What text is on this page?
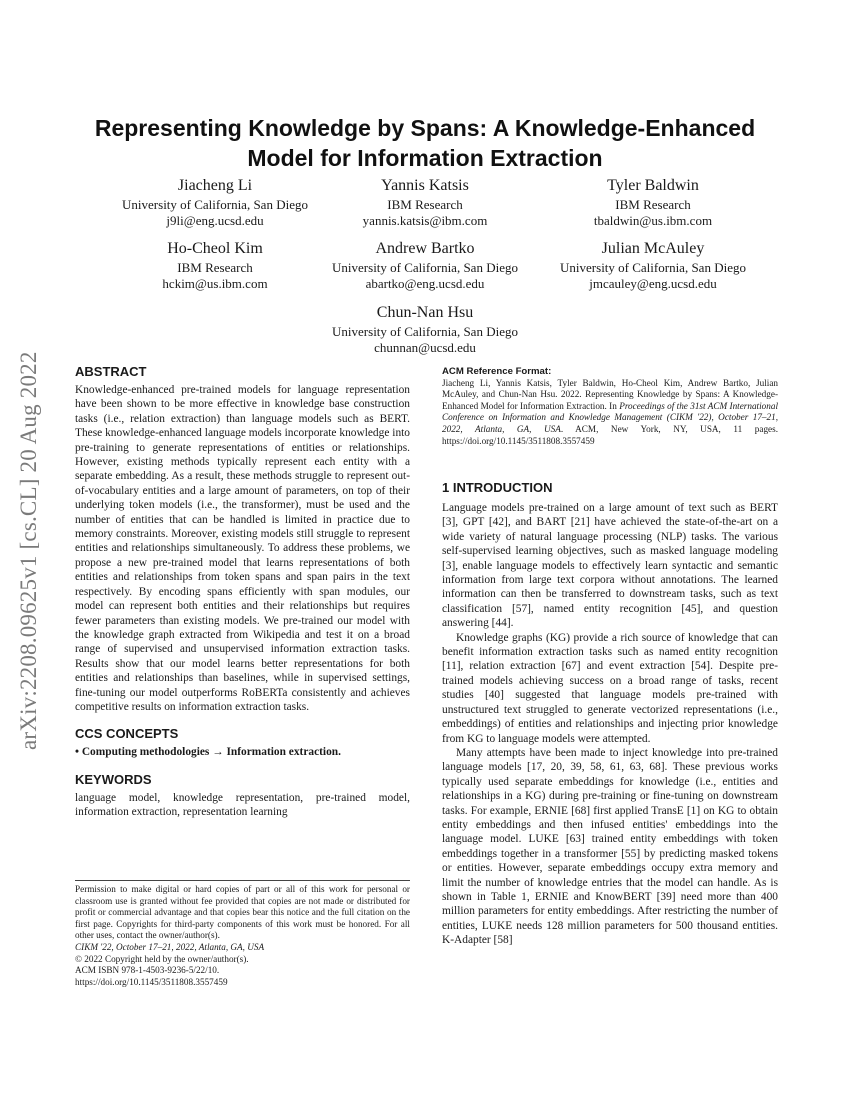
arXiv:2208.09625v1 [cs.CL] 20 Aug 2022
Representing Knowledge by Spans: A Knowledge-Enhanced Model for Information Extraction
Jiacheng Li
University of California, San Diego
j9li@eng.ucsd.edu
Yannis Katsis
IBM Research
yannis.katsis@ibm.com
Tyler Baldwin
IBM Research
tbaldwin@us.ibm.com
Ho-Cheol Kim
IBM Research
hckim@us.ibm.com
Andrew Bartko
University of California, San Diego
abartko@eng.ucsd.edu
Julian McAuley
University of California, San Diego
jmcauley@eng.ucsd.edu
Chun-Nan Hsu
University of California, San Diego
chunnan@ucsd.edu
ABSTRACT

Knowledge-enhanced pre-trained models for language representation have been shown to be more effective in knowledge base construction tasks (i.e., relation extraction) than language models such as BERT. These knowledge-enhanced language models incorporate knowledge into pre-training to generate representations of entities or relationships. However, existing methods typically represent each entity with a separate embedding. As a result, these methods struggle to represent out-of-vocabulary entities and a large amount of parameters, on top of their underlying token models (i.e., the transformer), must be used and the number of entities that can be handled is limited in practice due to memory constraints. Moreover, existing models still struggle to represent entities and relationships simultaneously. To address these problems, we propose a new pre-trained model that learns representations of both entities and relationships from token spans and span pairs in the text respectively. By encoding spans efficiently with span modules, our model can represent both entities and their relationships but requires fewer parameters than existing models. We pre-trained our model with the knowledge graph extracted from Wikipedia and test it on a broad range of supervised and unsupervised information extraction tasks. Results show that our model learns better representations for both entities and relationships than baselines, while in supervised settings, fine-tuning our model outperforms RoBERTa consistently and achieves competitive results on information extraction tasks.

CCS CONCEPTS

• Computing methodologies → Information extraction.

KEYWORDS

language model, knowledge representation, pre-trained model, information extraction, representation learning

Permission to make digital or hard copies of part or all of this work for personal or classroom use is granted without fee provided that copies are not made or distributed for profit or commercial advantage and that copies bear this notice and the full citation on the first page. Copyrights for third-party components of this work must be honored. For all other uses, contact the owner/author(s).

CIKM '22, October 17–21, 2022, Atlanta, GA, USA

© 2022 Copyright held by the owner/author(s).

ACM ISBN 978-1-4503-9236-5/22/10.

https://doi.org/10.1145/3511808.3557459

ACM Reference Format:

Jiacheng Li, Yannis Katsis, Tyler Baldwin, Ho-Cheol Kim, Andrew Bartko, Julian McAuley, and Chun-Nan Hsu. 2022. Representing Knowledge by Spans: A Knowledge-Enhanced Model for Information Extraction. In Proceedings of the 31st ACM International Conference on Information and Knowledge Management (CIKM '22), October 17–21, 2022, Atlanta, GA, USA. ACM, New York, NY, USA, 11 pages. https://doi.org/10.1145/3511808.3557459

1 INTRODUCTION

Language models pre-trained on a large amount of text such as BERT [3], GPT [42], and BART [21] have achieved the state-of-the-art on a wide variety of natural language processing (NLP) tasks. The various self-supervised learning objectives, such as masked language modeling [3], enable language models to effectively learn syntactic and semantic information from large text corpora without annotations. The learned information can then be transferred to downstream tasks, such as text classification [57], named entity recognition [45], and question answering [44].

Knowledge graphs (KG) provide a rich source of knowledge that can benefit information extraction tasks such as named entity recognition [11], relation extraction [67] and event extraction [54]. Despite pre-trained models achieving success on a broad range of tasks, recent studies [40] suggested that language models pre-trained with unstructured text struggled to generate vectorized representations (i.e., embeddings) of entities and relationships and injecting prior knowledge from KG to language models were attempted.

Many attempts have been made to inject knowledge into pre-trained language models [17, 20, 39, 58, 61, 63, 68]. These previous works typically used separate embeddings for knowledge (i.e., entities and relationships in a KG) during pre-training or fine-tuning on downstream tasks. For example, ERNIE [68] first applied TransE [1] on KG to obtain entity embeddings and then infused entities' embeddings into the language model. LUKE [63] trained entity embeddings with token embeddings together in a transformer [55] by predicting masked tokens or entities. However, separate embeddings occupy extra memory and limit the number of knowledge entries that the model can handle. As is shown in Table 1, ERNIE and KnowBERT [39] need more than 400 million parameters for entity embeddings. After restricting the number of entities, LUKE needs 128 million parameters for 500 thousand entities. K-Adapter [58]
